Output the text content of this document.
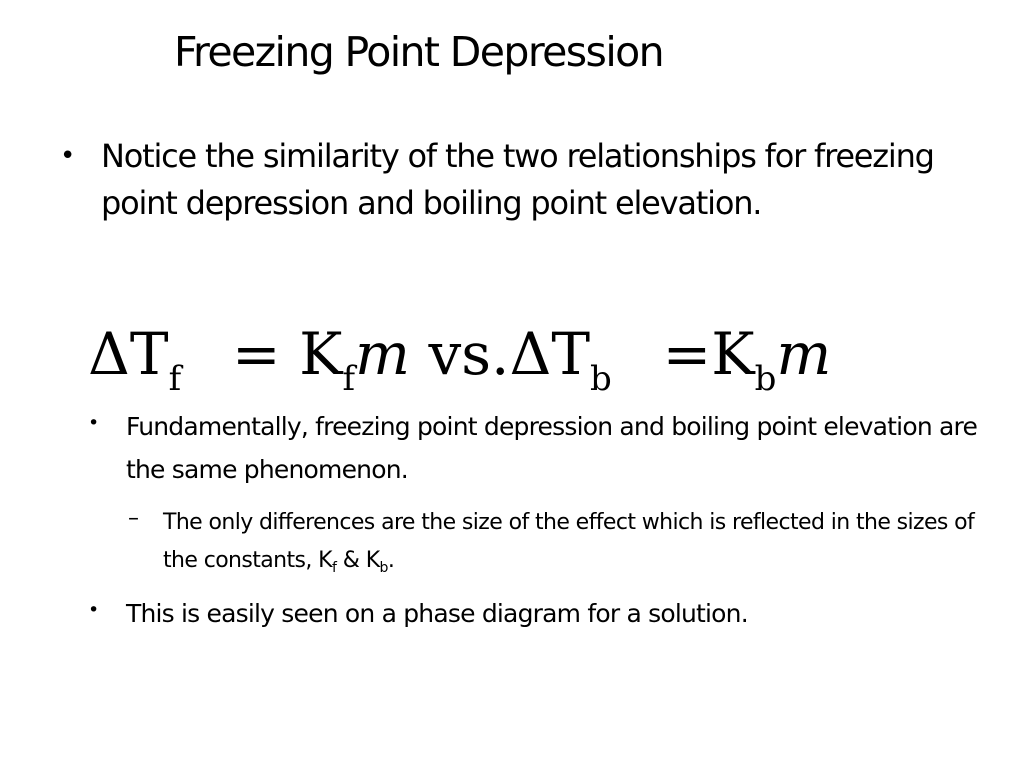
Freezing Point Depression
• Notice the similarity of the two relationships for freezing point depression and boiling point elevation.
ΔTf = Kfm vs.ΔTb =Kbm
• Fundamentally, freezing point depression and boiling point elevation are the same phenomenon.
– The only differences are the size of the effect which is reflected in the sizes of the constants, $K_f$ & $K_b$.
• This is easily seen on a phase diagram for a solution.
